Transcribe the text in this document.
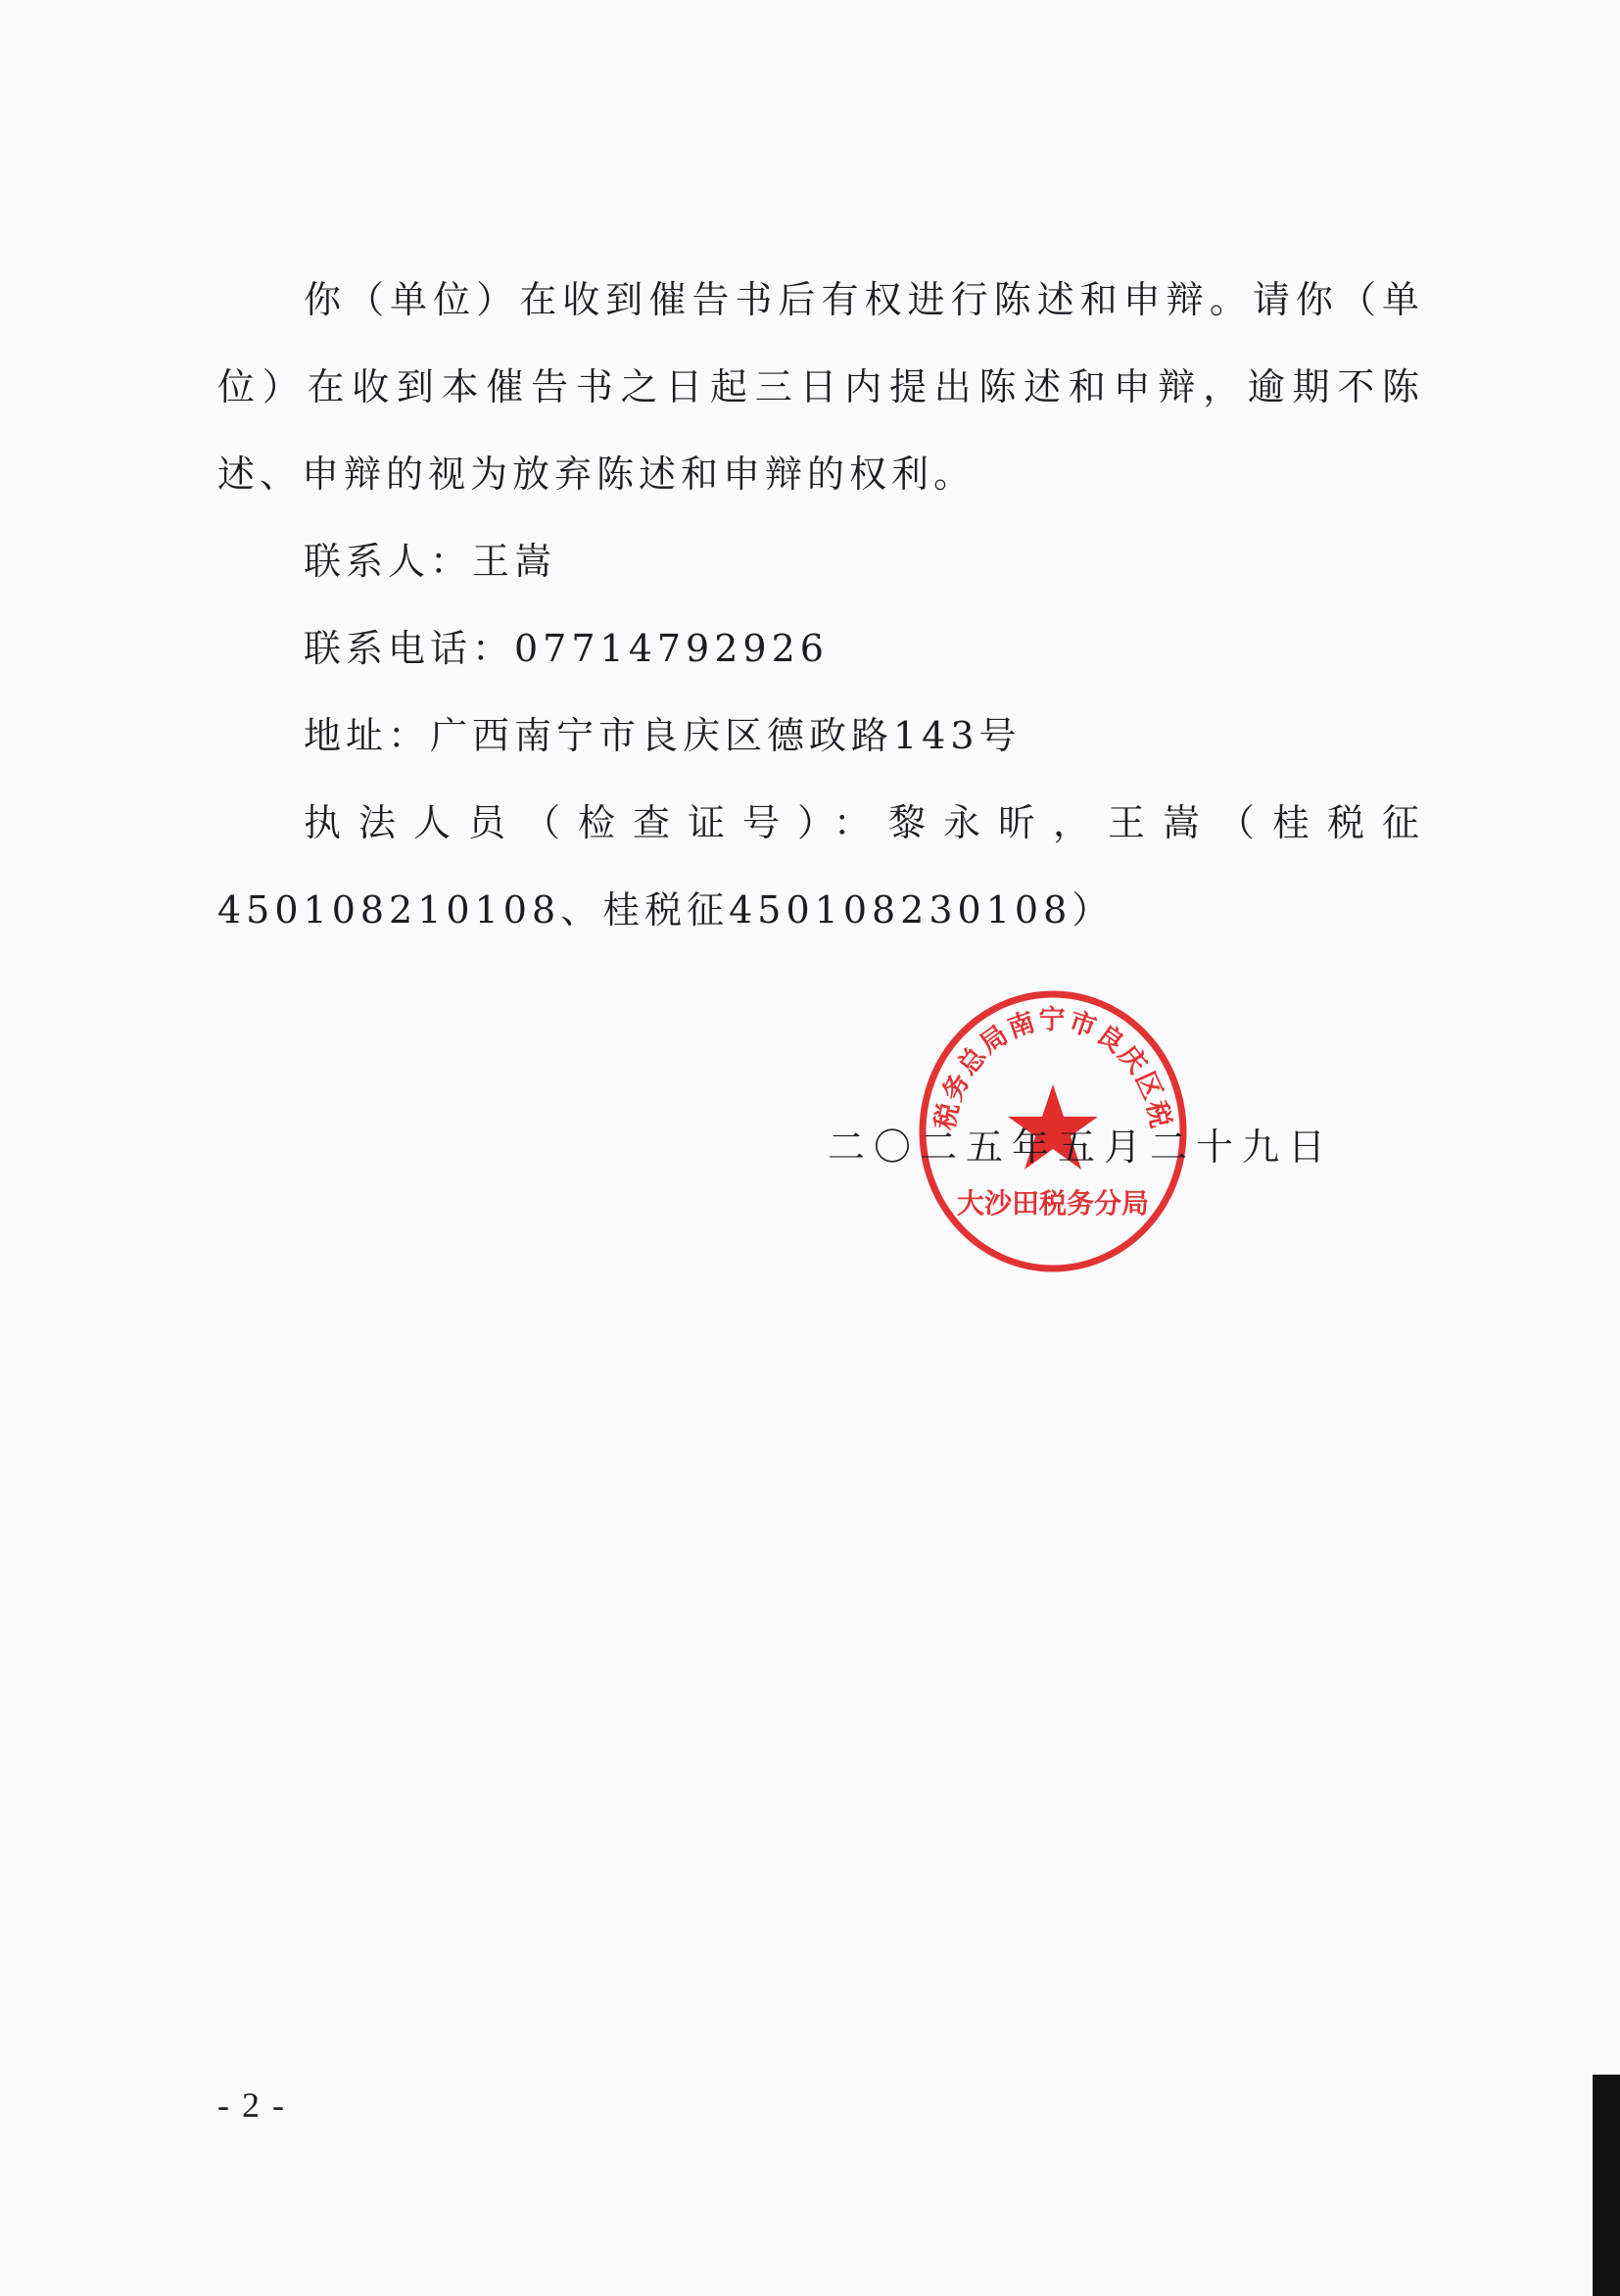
你（单位）在收到催告书后有权进行陈述和申辩。请你（单位）在收到本催告书之日起三日内提出陈述和申辩，逾期不陈述、申辩的视为放弃陈述和申辩的权利。

联系人：王嵩

联系电话：07714792926

地址：广西南宁市良庆区德政路143号

执法人员（检查证号）：黎永昕，王嵩（桂税征450108210108、桂税征450108230108）

税务总局南宁市良庆区税
大沙田税务分局
二〇二五年五月二十九日
- 2 -
